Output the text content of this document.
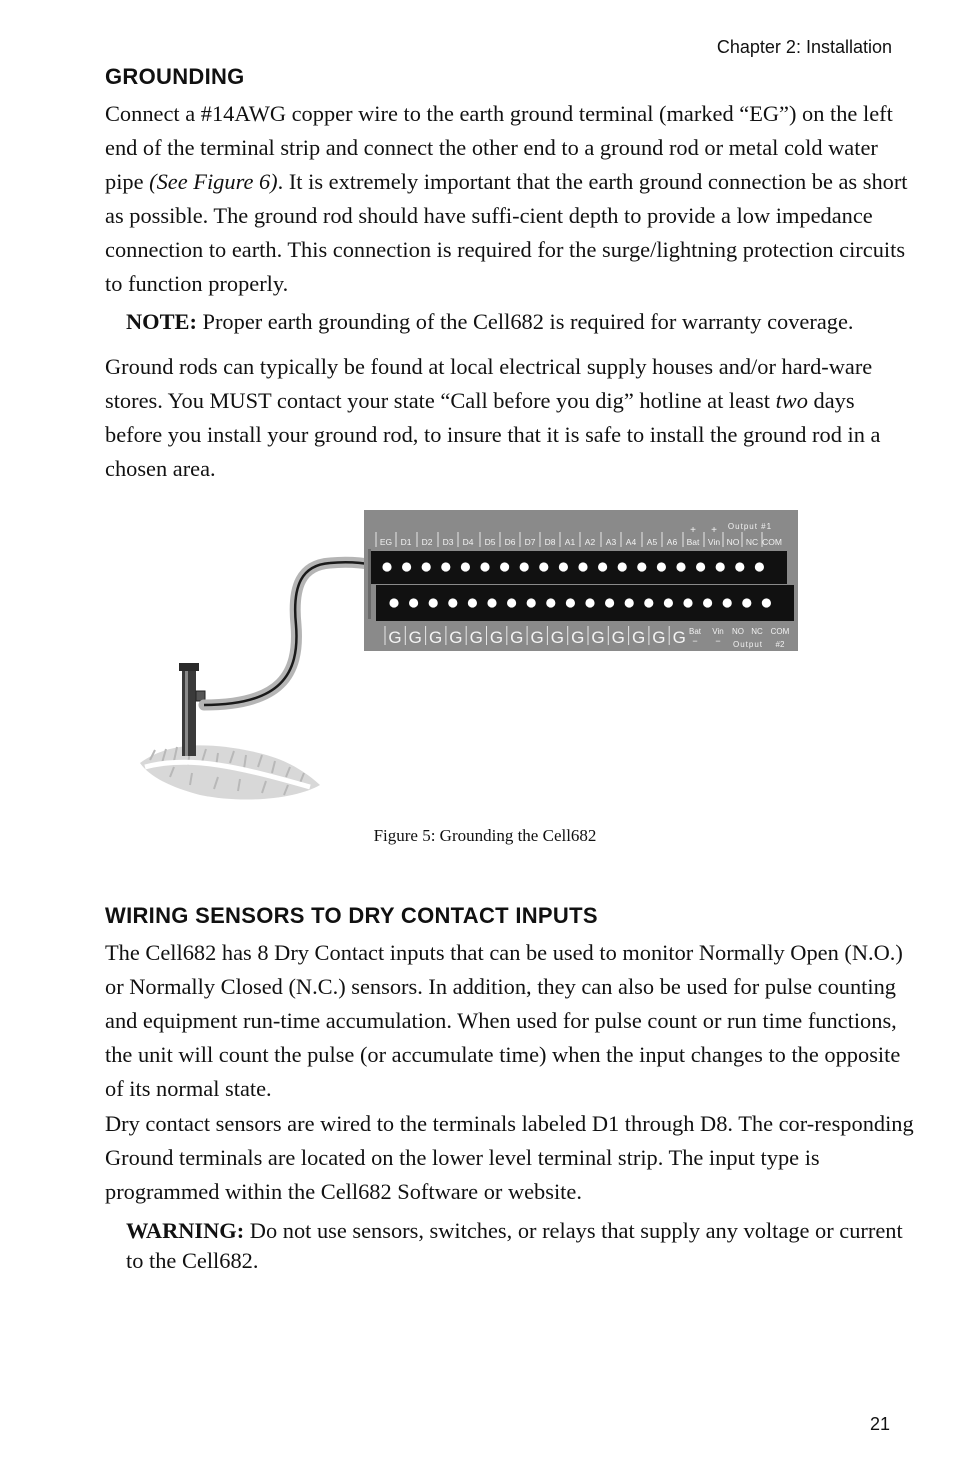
Chapter 2: Installation
GROUNDING

Connect a #14AWG copper wire to the earth ground terminal (marked “EG”) on the left end of the terminal strip and connect the other end to a ground rod or metal cold water pipe (See Figure 6). It is extremely important that the earth ground connection be as short as possible. The ground rod should have suffi-cient depth to provide a low impedance connection to earth. This connection is required for the surge/lightning protection circuits to function properly.

NOTE: Proper earth grounding of the Cell682 is required for warranty coverage.

Ground rods can typically be found at local electrical supply houses and/or hard-ware stores. You MUST contact your state “Call before you dig” hotline at least two days before you install your ground rod, to insure that it is safe to install the ground rod in a chosen area.

EG D1 D2 D3 D4 D5 D6 D7 D8 A1 A2 A3 A4 A5 A6 Bat Vin NO NC COM
+ + Output #1
G G G G G G G G G G G G G G G Bat Vin NO NC COM
− − Output #2
Figure 5: Grounding the Cell682
WIRING SENSORS TO DRY CONTACT INPUTS

The Cell682 has 8 Dry Contact inputs that can be used to monitor Normally Open (N.O.) or Normally Closed (N.C.) sensors. In addition, they can also be used for pulse counting and equipment run-time accumulation. When used for pulse count or run time functions, the unit will count the pulse (or accumulate time) when the input changes to the opposite of its normal state.

Dry contact sensors are wired to the terminals labeled D1 through D8. The cor-responding Ground terminals are located on the lower level terminal strip. The input type is programmed within the Cell682 Software or website.

WARNING: Do not use sensors, switches, or relays that supply any voltage or current to the Cell682.

21
